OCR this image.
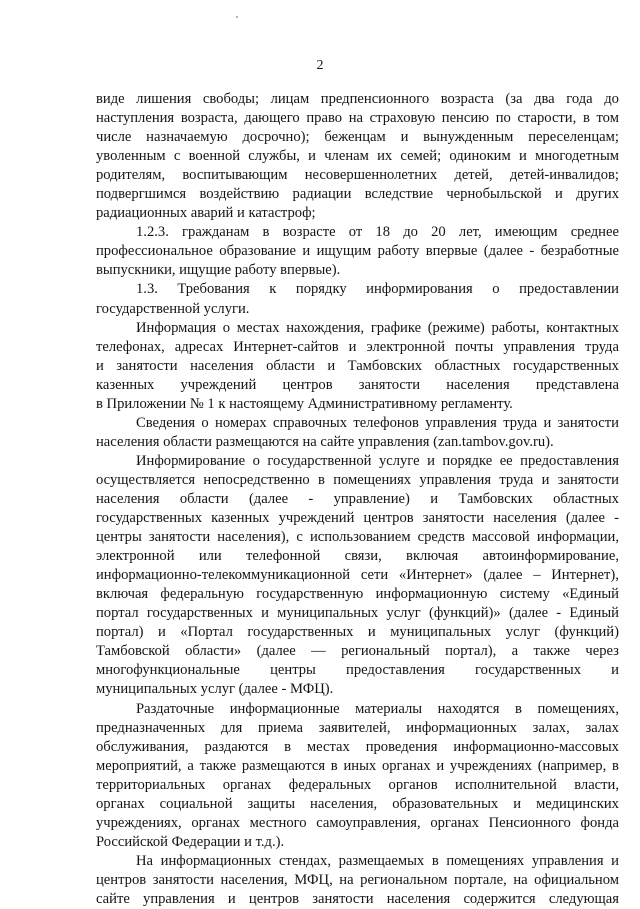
2
виде лишения свободы; лицам предпенсионного возраста (за два года до
наступления возраста, дающего право на страховую пенсию по старости, в том
числе назначаемую досрочно); беженцам и вынужденным переселенцам;
уволенным с военной службы, и членам их семей; одиноким и многодетным
родителям, воспитывающим несовершеннолетних детей, детей-инвалидов;
подвергшимся воздействию радиации вследствие чернобыльской и других
радиационных аварий и катастроф;
1.2.3. гражданам в возрасте от 18 до 20 лет, имеющим среднее
профессиональное образование и ищущим работу впервые (далее - безработные
выпускники, ищущие работу впервые).
1.3. Требования к порядку информирования о предоставлении
государственной услуги.
Информация о местах нахождения, графике (режиме) работы, контактных
телефонах, адресах Интернет-сайтов и электронной почты управления труда
и занятости населения области и Тамбовских областных государственных
казенных учреждений центров занятости населения представлена
в Приложении № 1 к настоящему Административному регламенту.
Сведения о номерах справочных телефонов управления труда и занятости
населения области размещаются на сайте управления (zan.tambov.gov.ru).
Информирование о государственной услуге и порядке ее предоставления
осуществляется непосредственно в помещениях управления труда и занятости
населения области (далее - управление) и Тамбовских областных
государственных казенных учреждений центров занятости населения (далее -
центры занятости населения), с использованием средств массовой информации,
электронной или телефонной связи, включая автоинформирование,
информационно-телекоммуникационной сети «Интернет» (далее – Интернет),
включая федеральную государственную информационную систему «Единый
портал государственных и муниципальных услуг (функций)» (далее - Единый
портал) и «Портал государственных и муниципальных услуг (функций)
Тамбовской области» (далее — региональный портал), а также через
многофункциональные центры предоставления государственных и
муниципальных услуг (далее - МФЦ).
Раздаточные информационные материалы находятся в помещениях,
предназначенных для приема заявителей, информационных залах, залах
обслуживания, раздаются в местах проведения информационно-массовых
мероприятий, а также размещаются в иных органах и учреждениях (например, в
территориальных органах федеральных органов исполнительной власти,
органах социальной защиты населения, образовательных и медицинских
учреждениях, органах местного самоуправления, органах Пенсионного фонда
Российской Федерации и т.д.).
На информационных стендах, размещаемых в помещениях управления и
центров занятости населения, МФЦ, на региональном портале, на официальном
сайте управления и центров занятости населения содержится следующая
